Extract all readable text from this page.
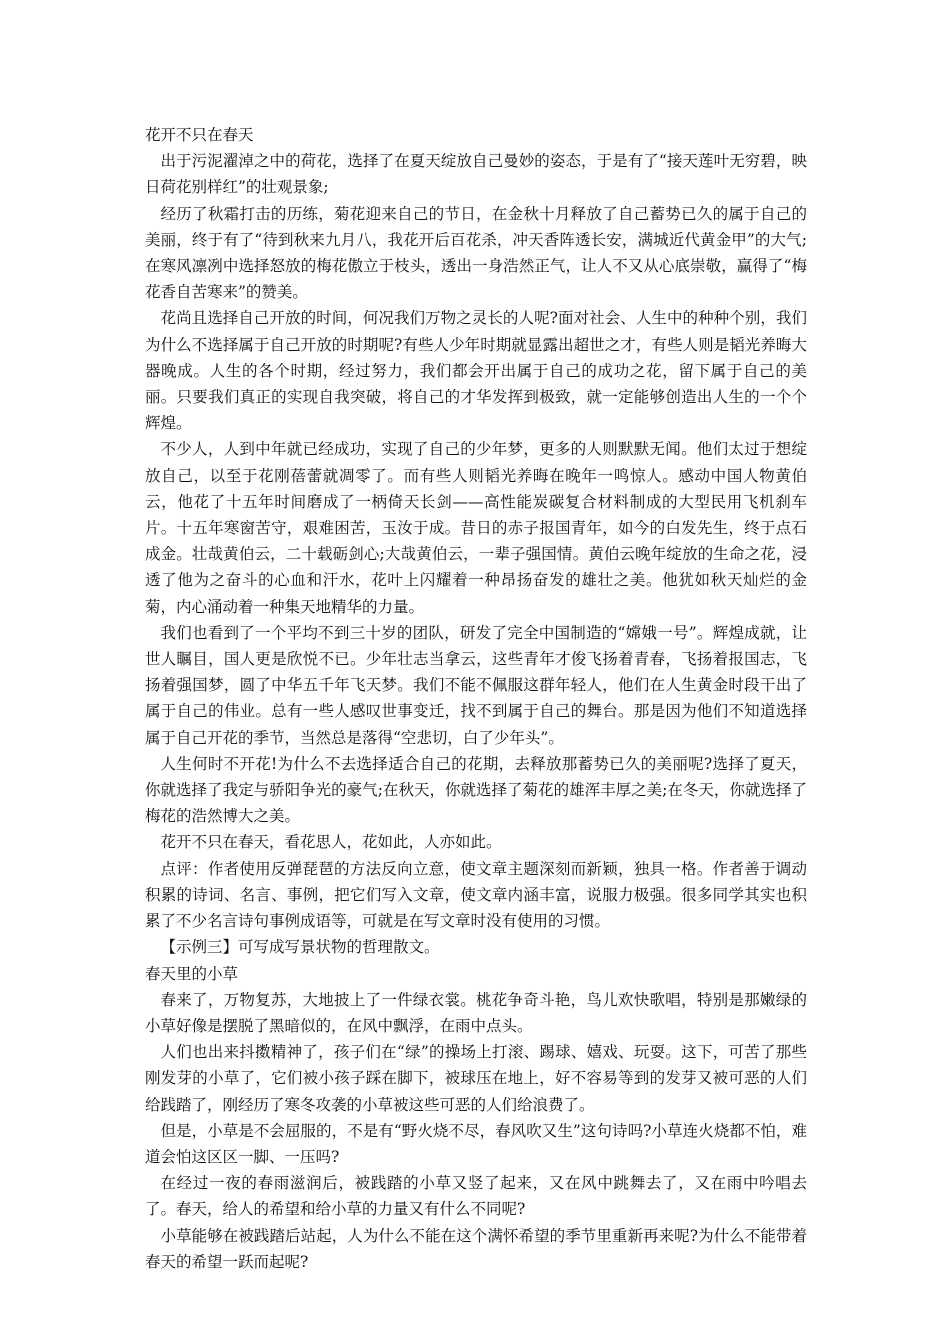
花开不只在春天

出于污泥濯淖之中的荷花，选择了在夏天绽放自己曼妙的姿态，于是有了“接天莲叶无穷碧，映日荷花别样红”的壮观景象;

经历了秋霜打击的历练，菊花迎来自己的节日，在金秋十月释放了自己蓄势已久的属于自己的美丽，终于有了“待到秋来九月八，我花开后百花杀，冲天香阵透长安，满城近代黄金甲”的大气;在寒风凛冽中选择怒放的梅花傲立于枝头，透出一身浩然正气，让人不又从心底崇敬，赢得了“梅花香自苦寒来”的赞美。

花尚且选择自己开放的时间，何况我们万物之灵长的人呢?面对社会、人生中的种种个别，我们为什么不选择属于自己开放的时期呢?有些人少年时期就显露出超世之才，有些人则是韬光养晦大器晚成。人生的各个时期，经过努力，我们都会开出属于自己的成功之花，留下属于自己的美丽。只要我们真正的实现自我突破，将自己的才华发挥到极致，就一定能够创造出人生的一个个辉煌。

不少人，人到中年就已经成功，实现了自己的少年梦，更多的人则默默无闻。他们太过于想绽放自己，以至于花刚蓓蕾就凋零了。而有些人则韬光养晦在晚年一鸣惊人。感动中国人物黄伯云，他花了十五年时间磨成了一柄倚天长剑——高性能炭碳复合材料制成的大型民用飞机刹车片。十五年寒窗苦守，艰难困苦，玉汝于成。昔日的赤子报国青年，如今的白发先生，终于点石成金。壮哉黄伯云，二十载砺剑心;大哉黄伯云，一辈子强国情。黄伯云晚年绽放的生命之花，浸透了他为之奋斗的心血和汗水，花叶上闪耀着一种昂扬奋发的雄壮之美。他犹如秋天灿烂的金菊，内心涌动着一种集天地精华的力量。

我们也看到了一个平均不到三十岁的团队，研发了完全中国制造的“嫦娥一号”。辉煌成就，让世人瞩目，国人更是欣悦不已。少年壮志当拿云，这些青年才俊飞扬着青春，飞扬着报国志，飞扬着强国梦，圆了中华五千年飞天梦。我们不能不佩服这群年轻人，他们在人生黄金时段干出了属于自己的伟业。总有一些人感叹世事变迁，找不到属于自己的舞台。那是因为他们不知道选择属于自己开花的季节，当然总是落得“空悲切，白了少年头”。

人生何时不开花!为什么不去选择适合自己的花期，去释放那蓄势已久的美丽呢?选择了夏天，你就选择了我定与骄阳争光的豪气;在秋天，你就选择了菊花的雄浑丰厚之美;在冬天，你就选择了梅花的浩然博大之美。

花开不只在春天，看花思人，花如此，人亦如此。

点评：作者使用反弹琵琶的方法反向立意，使文章主题深刻而新颖，独具一格。作者善于调动积累的诗词、名言、事例，把它们写入文章，使文章内涵丰富，说服力极强。很多同学其实也积累了不少名言诗句事例成语等，可就是在写文章时没有使用的习惯。

【示例三】可写成写景状物的哲理散文。

春天里的小草

春来了，万物复苏，大地披上了一件绿衣裳。桃花争奇斗艳，鸟儿欢快歌唱，特别是那嫩绿的小草好像是摆脱了黑暗似的，在风中飘浮，在雨中点头。

人们也出来抖擞精神了，孩子们在“绿”的操场上打滚、踢球、嬉戏、玩耍。这下，可苦了那些刚发芽的小草了，它们被小孩子踩在脚下，被球压在地上，好不容易等到的发芽又被可恶的人们给践踏了，刚经历了寒冬攻袭的小草被这些可恶的人们给浪费了。

但是，小草是不会屈服的，不是有“野火烧不尽，春风吹又生”这句诗吗?小草连火烧都不怕，难道会怕这区区一脚、一压吗?

在经过一夜的春雨滋润后，被践踏的小草又竖了起来，又在风中跳舞去了，又在雨中吟唱去了。春天，给人的希望和给小草的力量又有什么不同呢?

小草能够在被践踏后站起，人为什么不能在这个满怀希望的季节里重新再来呢?为什么不能带着春天的希望一跃而起呢?
